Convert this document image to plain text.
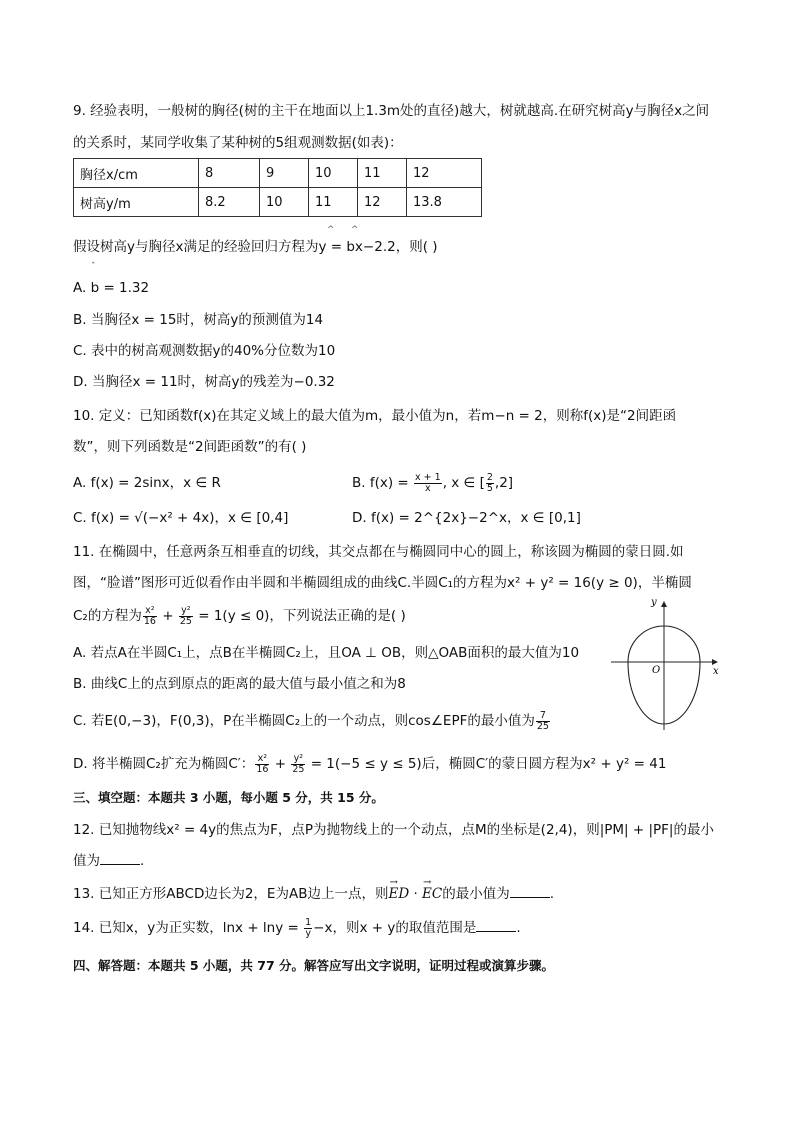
9. 经验表明，一般树的胸径(树的主干在地面以上1.3m处的直径)越大，树就越高.在研究树高y与胸径x之间
的关系时，某同学收集了某种树的5组观测数据(如表)：
胸径x/cm	8	9	10	11	12
树高y/m	8.2	10	11	12	13.8
^ ^
假设树高y与胸径x满足的经验回归方程为y = bx−2.2，则( )
ˆ
A. b = 1.32
B. 当胸径x = 15时，树高y的预测值为14
C. 表中的树高观测数据y的40%分位数为10
D. 当胸径x = 11时，树高y的残差为−0.32
10. 定义：已知函数f(x)在其定义域上的最大值为m，最小值为n，若m−n = 2，则称f(x)是“2间距函
数”，则下列函数是“2间距函数”的有( )
A. f(x) = 2sinx，x ∈ R	B. $f(x) = \frac{x + 1}{x}$ , x ∈ [ $\frac{2}{5} ,2$]
C. f(x) = √(−x² + 4x)，x ∈ [0,4]	D. f(x) = 2^{2x}−2^x，x ∈ [0,1]
11. 在椭圆中，任意两条互相垂直的切线，其交点都在与椭圆同中心的圆上，称该圆为椭圆的蒙日圆.如
图，“脸谱”图形可近似看作由半圆和半椭圆组成的曲线C.半圆C₁的方程为x² + y² = 16(y ≥ 0)，半椭圆
C₂的方程为 $\frac{\text{x²}}{16} + \frac{\text{y²}}{25} = 1(y \le 0)$，下列说法正确的是( )
A. 若点A在半圆C₁上，点B在半椭圆C₂上，且OA ⊥ OB，则△OAB面积的最大值为10
B. 曲线C上的点到原点的距离的最大值与最小值之和为8
C. 若E(0,−3)，F(0,3)，P在半椭圆C₂上的一个动点，则cos∠EPF的最小值为 $\frac{7}{25}$
D. 将半椭圆C₂扩充为椭圆C′： $\frac{\text{x²}}{16} + \frac{\text{y²}}{25} = 1(-5 \le y \le 5)$后，椭圆C′的蒙日圆方程为x² + y² = 41
y
x
O
三、填空题：本题共 3 小题，每小题 5 分，共 15 分。
12. 已知抛物线x² = 4y的焦点为F，点P为抛物线上的一个动点，点M的坐标是(2,4)，则|PM| + |PF|的最小
值为	.
13. 已知正方形ABCD边长为2，E为AB边上一点，则→ ED · → EC的最小值为	.
14. 已知x，y为正实数，$\ln x + \ln y = \frac{1}{y} -x$，则x + y的取值范围是	.
四、解答题：本题共 5 小题，共 77 分。解答应写出文字说明，证明过程或演算步骤。
